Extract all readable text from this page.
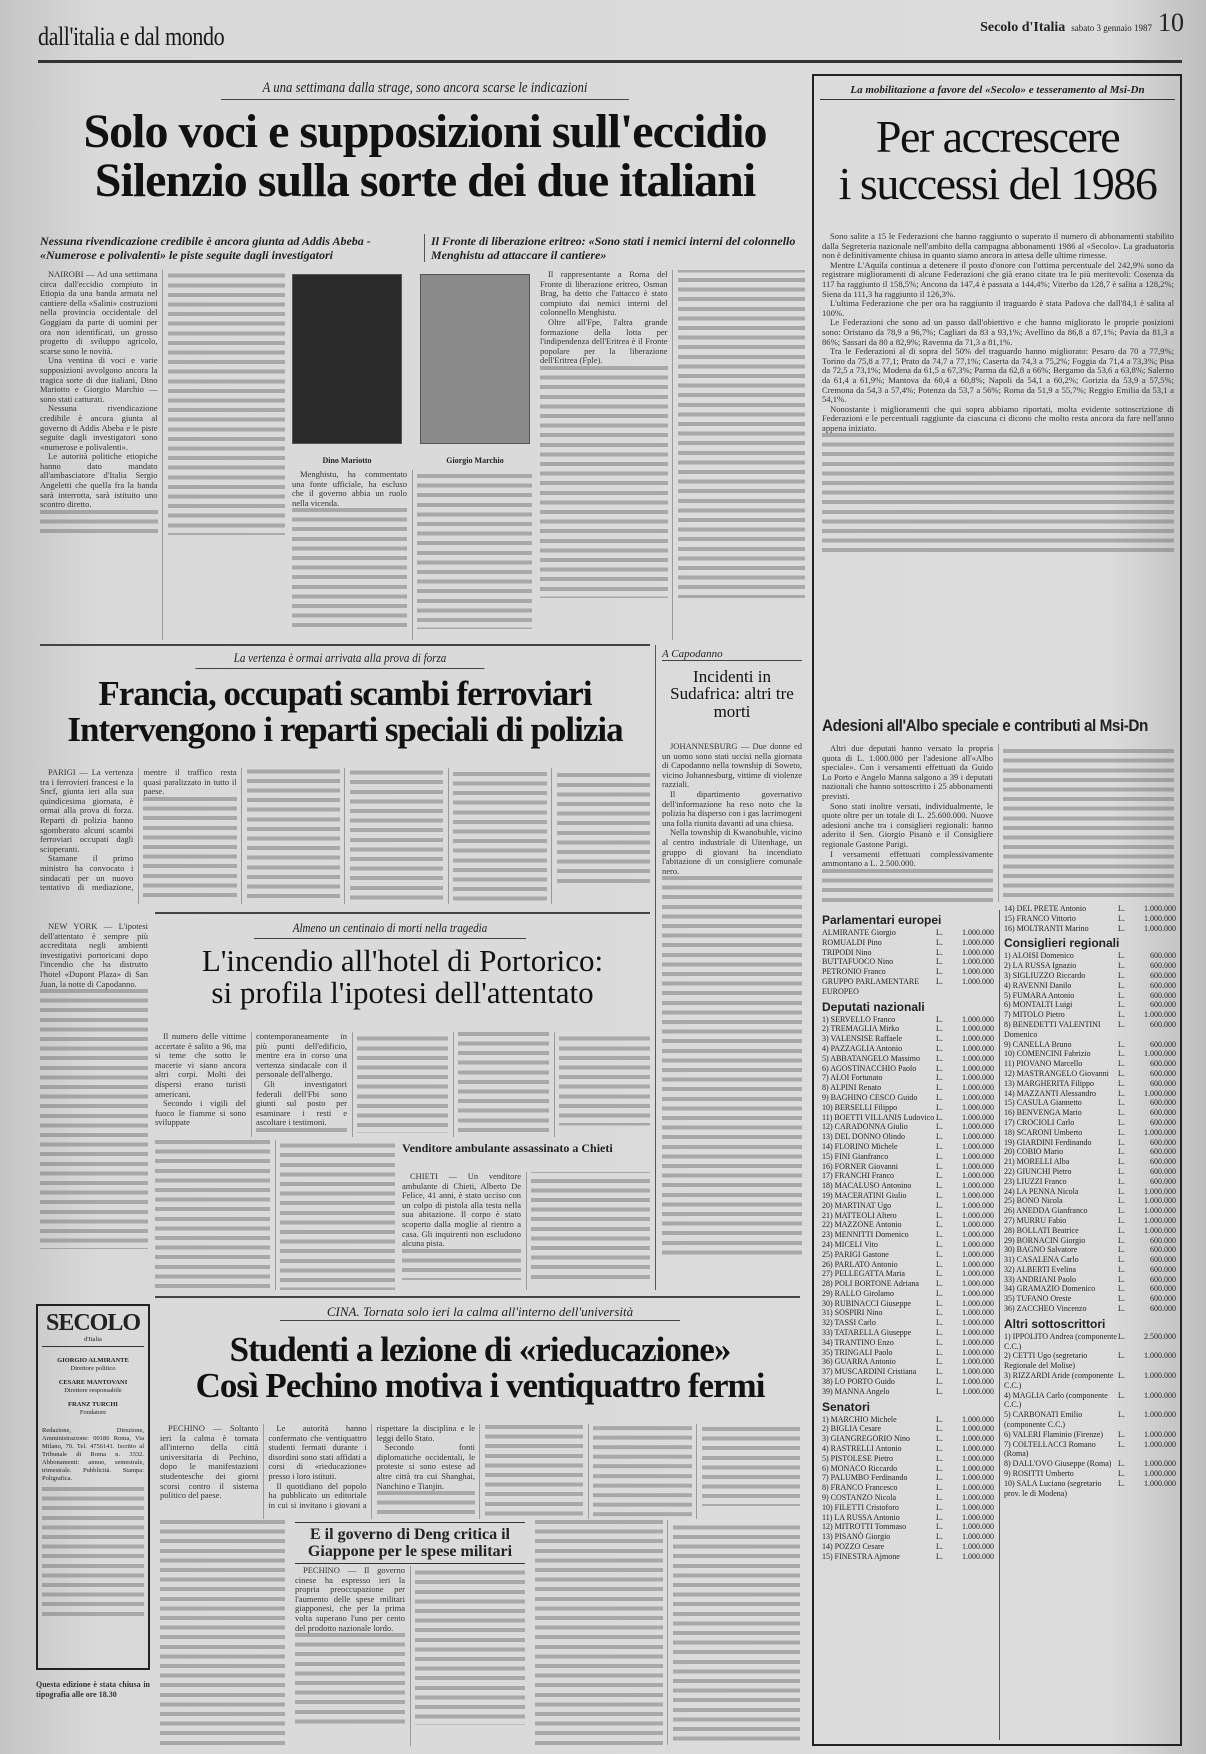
dall'italia e dal mondo	Secolo d'Italia sabato 3 gennaio 1987 10
A una settimana dalla strage, sono ancora scarse le indicazioni
Solo voci e supposizioni sull'eccidio
Silenzio sulla sorte dei due italiani
Nessuna rivendicazione credibile è ancora giunta ad Addis Abeba - «Numerose e polivalenti» le piste seguite dagli investigatori
Il Fronte di liberazione eritreo: «Sono stati i nemici interni del colonnello Menghistu ad attaccare il cantiere»

NAIROBI — Ad una settimana circa dall'eccidio compiuto in Etiopia da una banda armata nel cantiere della «Salini» costruzioni nella provincia occidentale del Goggiam da parte di uomini per ora non identificati, un grosso progetto di sviluppo agricolo, scarse sono le novità.

Una ventina di voci e varie supposizioni avvolgono ancora la tragica sorte di due italiani, Dino Mariotto e Giorgio Marchio — sono stati catturati.

Nessuna rivendicazione credibile è ancora giunta al governo di Addis Abeba e le piste seguite dagli investigatori sono «numerose e polivalenti».

Le autorità politiche etiopiche hanno dato mandato all'ambasciatore d'Italia Sergio Angeletti che quella fra la banda sarà interrotta, sarà istituito uno scontro diretto.

Dino Mariotto	Giorgio Marchio

Menghistu, ha commentato una fonte ufficiale, ha escluso che il governo abbia un ruolo nella vicenda.

Il rappresentante a Roma del Fronte di liberazione eritreo, Osman Brag, ha detto che l'attacco è stato compiuto dai nemici interni del colonnello Menghistu.

Oltre all'Fpe, l'altra grande formazione della lotta per l'indipendenza dell'Eritrea è il Fronte popolare per la liberazione dell'Eritrea (Fple).

La vertenza è ormai arrivata alla prova di forza
Francia, occupati scambi ferroviari
Intervengono i reparti speciali di polizia

PARIGI — La vertenza tra i ferrovieri francesi e la Sncf, giunta ieri alla sua quindicesima giornata, è ormai alla prova di forza. Reparti di polizia hanno sgomberato alcuni scambi ferroviari occupati dagli scioperanti.

Stamane il primo ministro ha convocato i sindacati per un nuovo tentativo di mediazione, mentre il traffico resta quasi paralizzato in tutto il paese.

A Capodanno
Incidenti in Sudafrica: altri tre morti

JOHANNESBURG — Due donne ed un uomo sono stati uccisi nella giornata di Capodanno nella township di Soweto, vicino Johannesburg, vittime di violenze razziali.

Il dipartimento governativo dell'informazione ha reso noto che la polizia ha disperso con i gas lacrimogeni una folla riunita davanti ad una chiesa.

Nella township di Kwanobuhle, vicino al centro industriale di Uitenhage, un gruppo di giovani ha incendiato l'abitazione di un consigliere comunale nero.

NEW YORK — L'ipotesi dell'attentato è sempre più accreditata negli ambienti investigativi portoricani dopo l'incendio che ha distrutto l'hotel «Dupont Plaza» di San Juan, la notte di Capodanno.

Almeno un centinaio di morti nella tragedia
L'incendio all'hotel di Portorico:
si profila l'ipotesi dell'attentato

Il numero delle vittime accertate è salito a 96, ma si teme che sotto le macerie vi siano ancora altri corpi. Molti dei dispersi erano turisti americani.

Secondo i vigili del fuoco le fiamme si sono sviluppate contemporaneamente in più punti dell'edificio, mentre era in corso una vertenza sindacale con il personale dell'albergo.

Gli investigatori federali dell'Fbi sono giunti sul posto per esaminare i resti e ascoltare i testimoni.

Venditore ambulante assassinato a Chieti

CHIETI — Un venditore ambulante di Chieti, Alberto De Felice, 41 anni, è stato ucciso con un colpo di pistola alla testa nella sua abitazione. Il corpo è stato scoperto dalla moglie al rientro a casa. Gli inquirenti non escludono alcuna pista.

SECOLO
d'Italia
GIORGIO ALMIRANTE
Direttore politico
CESARE MANTOVANI
Direttore responsabile
FRANZ TURCHI
Fondatore
Redazione, Direzione, Amministrazione: 00186 Roma, Via Milano, 70. Tel. 4756141. Iscritto al Tribunale di Roma n. 3332. Abbonamenti: annuo, semestrale, trimestrale. Pubblicità. Stampa: Poligrafica.
Questa edizione è stata chiusa in tipografia alle ore 18.30
CINA. Tornata solo ieri la calma all'interno dell'università
Studenti a lezione di «rieducazione»
Così Pechino motiva i ventiquattro fermi

PECHINO — Soltanto ieri la calma è tornata all'interno della città universitaria di Pechino, dopo le manifestazioni studentesche dei giorni scorsi contro il sistema politico del paese.

Le autorità hanno confermato che ventiquattro studenti fermati durante i disordini sono stati affidati a corsi di «rieducazione» presso i loro istituti.

Il quotidiano del popolo ha pubblicato un editoriale in cui si invitano i giovani a rispettare la disciplina e le leggi dello Stato.

Secondo fonti diplomatiche occidentali, le proteste si sono estese ad altre città tra cui Shanghai, Nanchino e Tianjin.

E il governo di Deng critica il Giappone per le spese militari

PECHINO — Il governo cinese ha espresso ieri la propria preoccupazione per l'aumento delle spese militari giapponesi, che per la prima volta superano l'uno per cento del prodotto nazionale lordo.

La mobilitazione a favore del «Secolo» e tesseramento al Msi-Dn
Per accrescere
i successi del 1986

Sono salite a 15 le Federazioni che hanno raggiunto o superato il numero di abbonamenti stabilito dalla Segreteria nazionale nell'ambito della campagna abbonamenti 1986 al «Secolo». La graduatoria non è definitivamente chiusa in quanto siamo ancora in attesa delle ultime rimesse.

Mentre L'Aquila continua a detenere il posto d'onore con l'ottima percentuale del 242,9% sono da registrare miglioramenti di alcune Federazioni che già erano citate tra le più meritevoli: Cosenza da 117 ha raggiunto il 158,5%; Ancona da 147,4 è passata a 144,4%; Viterbo da 128,7 è salita a 128,2%; Siena da 111,3 ha raggiunto il 126,3%.

L'ultima Federazione che per ora ha raggiunto il traguardo è stata Padova che dall'84,1 è salita al 100%.

Le Federazioni che sono ad un passo dall'obiettivo e che hanno migliorato le proprie posizioni sono: Oristano da 78,9 a 96,7%; Cagliari da 83 a 93,1%; Avellino da 86,8 a 87,1%; Pavia da 81,3 a 86%; Sassari da 80 a 82,9%; Ravenna da 71,3 a 81,1%.

Tra le Federazioni al di sopra del 50% del traguardo hanno migliorato: Pesaro da 70 a 77,9%; Torino da 75,8 a 77,1; Prato da 74,7 a 77,1%; Caserta da 74,3 a 75,2%; Foggia da 71,4 a 73,3%; Pisa da 72,5 a 73,1%; Modena da 61,5 a 67,3%; Parma da 62,8 a 66%; Bergamo da 53,6 a 63,8%; Salerno da 61,4 a 61,9%; Mantova da 60,4 a 60,8%; Napoli da 54,1 a 60,2%; Gorizia da 53,9 a 57,5%; Cremona da 54,3 a 57,4%; Potenza da 53,7 a 56%; Roma da 51,9 a 55,7%; Reggio Emilia da 53,1 a 54,1%.

Nonostante i miglioramenti che qui sopra abbiamo riportati, molta evidente sottoscrizione di Federazioni e le percentuali raggiunte da ciascuna ci dicono che molto resta ancora da fare nell'anno appena iniziato.

Adesioni all'Albo speciale e contributi al Msi-Dn

Altri due deputati hanno versato la propria quota di L. 1.000.000 per l'adesione all'«Albo speciale». Con i versamenti effettuati da Guido Lo Porto e Angelo Manna salgono a 39 i deputati nazionali che hanno sottoscritto i 25 abbonamenti previsti.

Sono stati inoltre versati, individualmente, le quote oltre per un totale di L. 25.600.000. Nuove adesioni anche tra i consiglieri regionali: hanno aderito il Sen. Giorgio Pisanò e il Consigliere regionale Gastone Parigi.

I versamenti effettuati complessivamente ammontano a L. 2.500.000.

Parlamentari europei
ALMIRANTE Giorgio	L.	1.000.000
ROMUALDI Pino	L.	1.000.000
TRIPODI Nino	L.	1.000.000
BUTTAFUOCO Nino	L.	1.000.000
PETRONIO Franco	L.	1.000.000
GRUPPO PARLAMENTARE EUROPEO
L.	1.000.000
Deputati nazionali
1) SERVELLO Franco	L.	1.000.000
2) TREMAGLIA Mirko	L.	1.000.000
3) VALENSISE Raffaele	L.	1.000.000
4) PAZZAGLIA Antonio	L.	1.000.000
5) ABBATANGELO Massimo	L.	1.000.000
6) AGOSTINACCHIO Paolo	L.	1.000.000
7) ALOI Fortunato	L.	1.000.000
8) ALPINI Renato	L.	1.000.000
9) BAGHINO CESCO Guido	L.	1.000.000
10) BERSELLI Filippo	L.	1.000.000
11) BOETTI VILLANIS Ludovico L.	1.000.000
12) CARADONNA Giulio	L.	1.000.000
13) DEL DONNO Olindo	L.	1.000.000
14) FLORINO Michele	L.	1.000.000
15) FINI Gianfranco	L.	1.000.000
16) FORNER Giovanni	L.	1.000.000
17) FRANCHI Franco	L.	1.000.000
18) MACALUSO Antonino	L.	1.000.000
19) MACERATINI Giulio	L.	1.000.000
20) MARTINAT Ugo	L.	1.000.000
21) MATTEOLI Altero	L.	1.000.000
22) MAZZONE Antonio	L.	1.000.000
23) MENNITTI Domenico	L.	1.000.000
24) MICELI Vito	L.	1.000.000
25) PARIGI Gastone	L.	1.000.000
26) PARLATO Antonio	L.	1.000.000
27) PELLEGATTA Maria	L.	1.000.000
28) POLI BORTONE Adriana	L.	1.000.000
29) RALLO Girolamo	L.	1.000.000
30) RUBINACCI Giuseppe	L.	1.000.000
31) SOSPIRI Nino	L.	1.000.000
32) TASSI Carlo	L.	1.000.000
33) TATARELLA Giuseppe	L.	1.000.000
34) TRANTINO Enzo	L.	1.000.000
35) TRINGALI Paolo	L.	1.000.000
36) GUARRA Antonio	L.	1.000.000
37) MUSCARDINI Cristiana	L.	1.000.000
38) LO PORTO Guido	L.	1.000.000
39) MANNA Angelo	L.	1.000.000
Senatori
1) MARCHIO Michele	L.	1.000.000
2) BIGLIA Cesare	L.	1.000.000
3) GIANGREGORIO Nino	L.	1.000.000
4) RASTRELLI Antonio	L.	1.000.000
5) PISTOLESE Pietro	L.	1.000.000
6) MONACO Riccardo	L.	1.000.000
7) PALUMBO Ferdinando	L.	1.000.000
8) FRANCO Francesco	L.	1.000.000
9) COSTANZO Nicola	L.	1.000.000
10) FILETTI Cristoforo	L.	1.000.000
11) LA RUSSA Antonio	L.	1.000.000
12) MITROTTI Tommaso	L.	1.000.000
13) PISANÒ Giorgio	L.	1.000.000
14) POZZO Cesare	L.	1.000.000
15) FINESTRA Ajmone	L.	1.000.000
14) DEL PRETE Antonio	L.	1.000.000
15) FRANCO Vittorio	L.	1.000.000
16) MOLTRANTI Marino	L.	1.000.000
Consiglieri regionali
1) ALOISI Domenico	L.	600.000
2) LA RUSSA Ignazio	L.	600.000
3) SIGLIUZZO Riccardo	L.	600.000
4) RAVENNI Danilo	L.	600.000
5) FUMARA Antonio	L.	600.000
6) MONTALTI Luigi	L.	600.000
7) MITOLO Pietro	L.	1.000.000
8) BENEDETTI VALENTINI Domenico
L.	600.000
9) CANELLA Bruno	L.	600.000
10) COMENCINI Fabrizio	L.	1.000.000
11) PIOVANO Marcello	L.	600.000
12) MASTRANGELO Giovanni	L.	600.000
13) MARGHERITA Filippo	L.	600.000
14) MAZZANTI Alessandro	L.	1.000.000
15) CASULA Giannetto	L.	600.000
16) BENVENGA Mario	L.	600.000
17) CROCIOLI Carlo	L.	600.000
18) SCARONI Umberto	L.	1.000.000
19) GIARDINI Ferdinando	L.	600.000
20) COBIO Mario	L.	600.000
21) MORELLI Alba	L.	600.000
22) GIUNCHI Pietro	L.	600.000
23) LIUZZI Franco	L.	600.000
24) LA PENNA Nicola	L.	1.000.000
25) BONO Nicola	L.	1.000.000
26) ANEDDA Gianfranco	L.	1.000.000
27) MURRU Fabio	L.	1.000.000
28) BOLLATI Beatrice	L.	1.000.000
29) BORNACIN Giorgio	L.	600.000
30) BAGNO Salvatore	L.	600.000
31) CASALENA Carlo	L.	600.000
32) ALBERTI Evelina	L.	600.000
33) ANDRIANI Paolo	L.	600.000
34) GRAMAZIO Domenico	L.	600.000
35) TUFANO Oreste	L.	600.000
36) ZACCHEO Vincenzo	L.	600.000
Altri sottoscrittori
1) IPPOLITO Andrea (componente C.C.)
L.	2.500.000
2) CETTI Ugo (segretario Regionale del Molise)
L.	1.000.000
3) RIZZARDI Aride (componente C.C.)
L.	1.000.000
4) MAGLIA Carlo (componente C.C.)
L.	1.000.000
5) CARBONATI Emilio (componente C.C.)
L.	1.000.000
6) VALERI Flaminio (Firenze)	L.	1.000.000
7) COLTELLACCI Romano (Roma)
L.	1.000.000
8) DALL'OVO Giuseppe (Roma) L.	1.000.000
9) ROSITTI Umberto	L.	1.000.000
10) SALA Luciano (segretario prov. le di Modena)
L.	1.000.000
